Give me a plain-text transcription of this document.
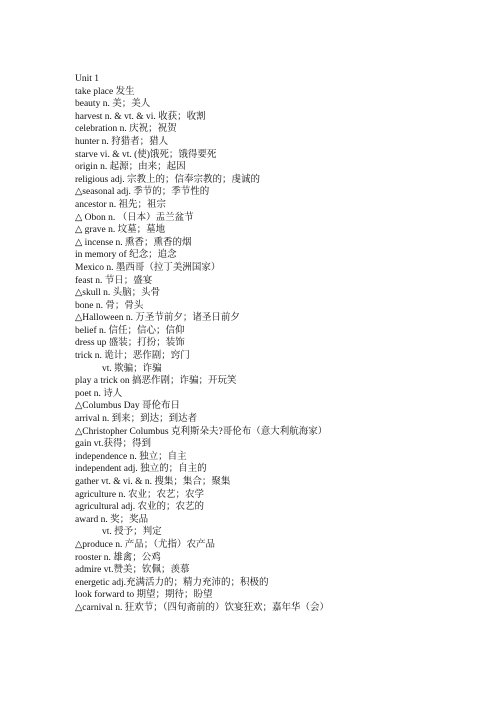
Unit 1
take place 发生
beauty n. 美；美人
harvest n. & vt. & vi. 收获；收割
celebration n. 庆祝；祝贺
hunter n. 狩猎者；猎人
starve vi. & vt. (使)饿死；饿得要死
origin n. 起源；由来；起因
religious adj. 宗教上的；信奉宗教的；虔诚的
△seasonal adj. 季节的；季节性的
ancestor n. 祖先；祖宗
△ Obon n. （日本）盂兰盆节
△ grave n. 坟墓；墓地
△ incense n. 熏香；熏香的烟
in memory of 纪念；追念
Mexico n. 墨西哥（拉丁美洲国家）
feast n. 节日；盛宴
△skull n. 头脑；头骨
bone n. 骨；骨头
△Halloween n. 万圣节前夕；诸圣日前夕
belief n. 信任；信心；信仰
dress up 盛装；打扮；装饰
trick n. 诡计；恶作剧；窍门
vt. 欺骗；诈骗
play a trick on 搞恶作剧；诈骗；开玩笑
poet n. 诗人
△Columbus Day 哥伦布日
arrival n. 到来；到达；到达者
△Christopher Columbus 克利斯朵夫?哥伦布（意大利航海家）
gain vt.获得；得到
independence n. 独立；自主
independent adj. 独立的；自主的
gather vt. & vi. & n. 搜集；集合；聚集
agriculture n. 农业；农艺；农学
agricultural adj. 农业的；农艺的
award n. 奖；奖品
vt. 授予；判定
△produce n. 产品；（尤指）农产品
rooster n. 雄禽；公鸡
admire vt.赞美；钦佩；羡慕
energetic adj.充满活力的；精力充沛的；积极的
look forward to 期望；期待；盼望
△carnival n. 狂欢节；（四旬斋前的）饮宴狂欢；嘉年华（会）
